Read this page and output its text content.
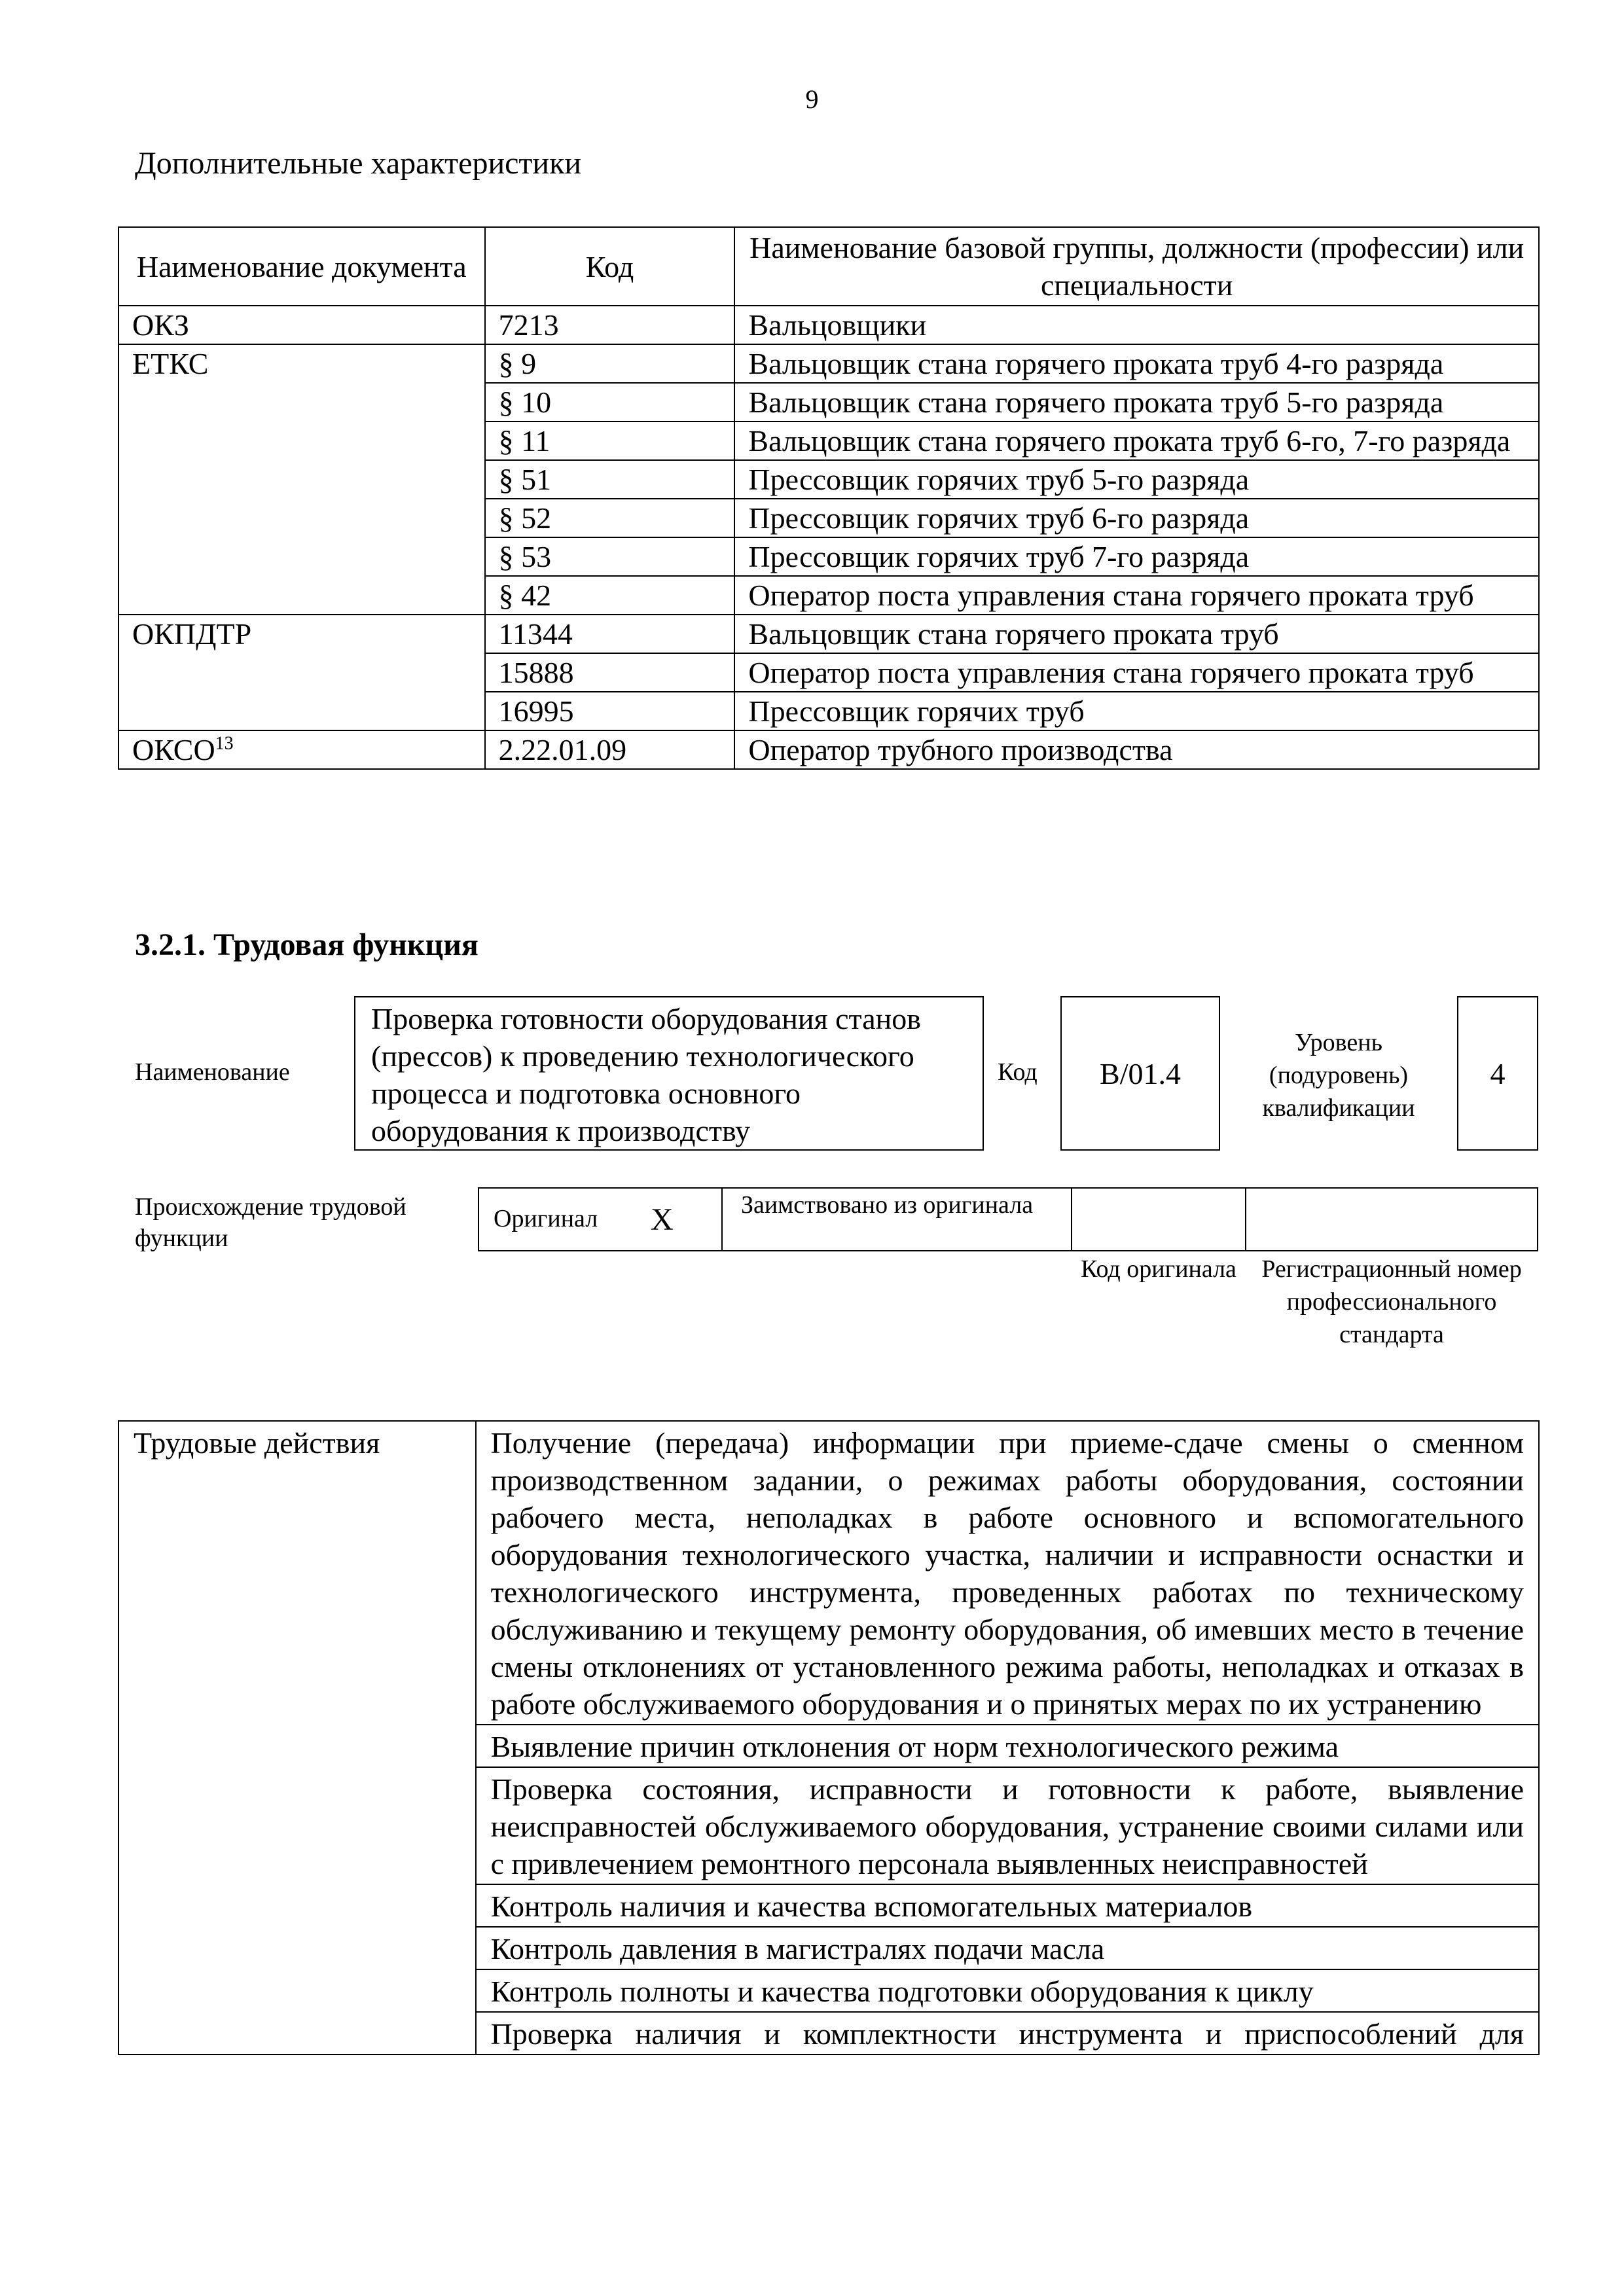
9
Дополнительные характеристики
Наименование документа	Код	Наименование базовой группы, должности (профессии) или специальности
ОКЗ	7213	Вальцовщики
ЕТКС	§ 9	Вальцовщик стана горячего проката труб 4-го разряда
	§ 10	Вальцовщик стана горячего проката труб 5-го разряда
	§ 11	Вальцовщик стана горячего проката труб 6-го, 7-го разряда
	§ 51	Прессовщик горячих труб 5-го разряда
	§ 52	Прессовщик горячих труб 6-го разряда
	§ 53	Прессовщик горячих труб 7-го разряда
	§ 42	Оператор поста управления стана горячего проката труб
ОКПДТР	11344	Вальцовщик стана горячего проката труб
	15888	Оператор поста управления стана горячего проката труб
	16995	Прессовщик горячих труб
ОКСО$^{13}$	2.22.01.09	Оператор трубного производства
3.2.1. Трудовая функция
Наименование
Проверка готовности оборудования станов (прессов) к проведению технологического процесса и подготовка основного оборудования к производству
Код	B/01.4
Уровень (подуровень) квалификации
4
Происхождение трудовой функции
Оригинал X	Заимствовано из оригинала
Код оригинала	Регистрационный номер профессионального стандарта
Трудовые действия	Получение (передача) информации при приеме-сдаче смены о сменном производственном задании, о режимах работы оборудования, состоянии рабочего места, неполадках в работе основного и вспомогательного оборудования технологического участка, наличии и исправности оснастки и технологического инструмента, проведенных работах по техническому обслуживанию и текущему ремонту оборудования, об имевших место в течение смены отклонениях от установленного режима работы, неполадках и отказах в работе обслуживаемого оборудования и о принятых мерах по их устранению
Выявление причин отклонения от норм технологического режима
Проверка состояния, исправности и готовности к работе, выявление неисправностей обслуживаемого оборудования, устранение своими силами или с привлечением ремонтного персонала выявленных неисправностей
Контроль наличия и качества вспомогательных материалов
Контроль давления в магистралях подачи масла
Контроль полноты и качества подготовки оборудования к циклу
Проверка наличия и комплектности инструмента и приспособлений для
